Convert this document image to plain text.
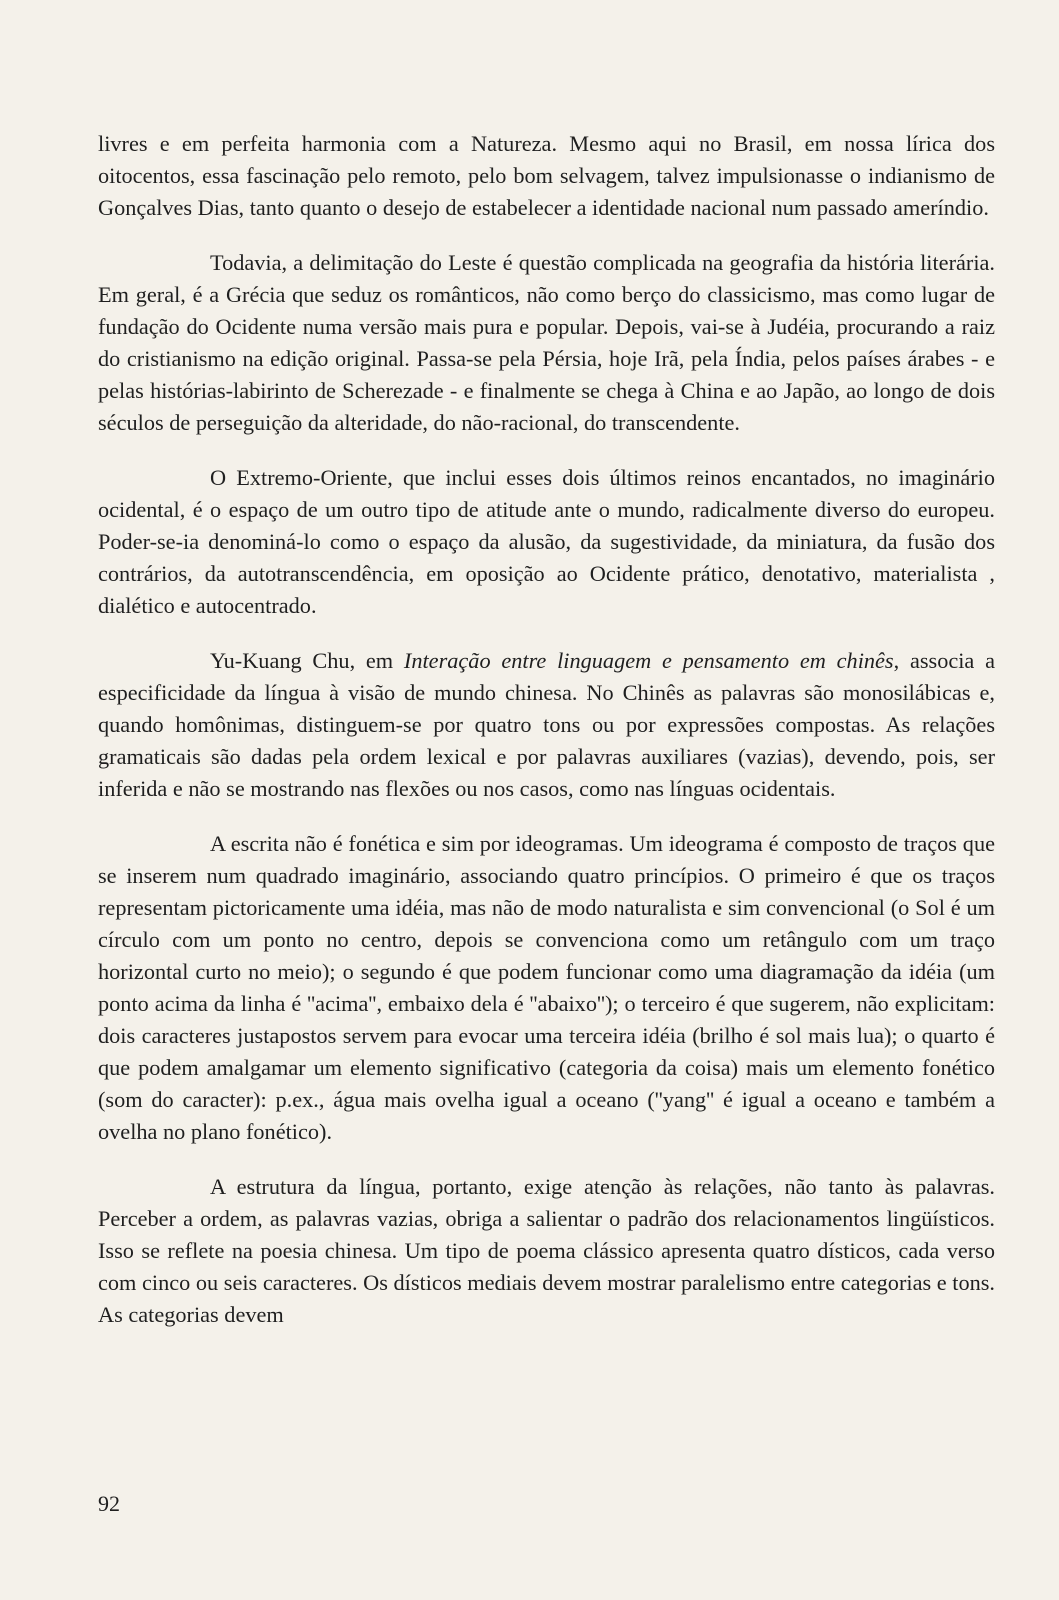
livres e em perfeita harmonia com a Natureza. Mesmo aqui no Brasil, em nossa lírica dos oitocentos, essa fascinação pelo remoto, pelo bom selvagem, talvez impulsionasse o indianismo de Gonçalves Dias, tanto quanto o desejo de estabelecer a identidade nacional num passado ameríndio.

Todavia, a delimitação do Leste é questão complicada na geografia da história literária. Em geral, é a Grécia que seduz os românticos, não como berço do classicismo, mas como lugar de fundação do Ocidente numa versão mais pura e popular. Depois, vai-se à Judéia, procurando a raiz do cristianismo na edição original. Passa-se pela Pérsia, hoje Irã, pela Índia, pelos países árabes - e pelas histórias-labirinto de Scherezade - e finalmente se chega à China e ao Japão, ao longo de dois séculos de perseguição da alteridade, do não-racional, do transcendente.

O Extremo-Oriente, que inclui esses dois últimos reinos encantados, no imaginário ocidental, é o espaço de um outro tipo de atitude ante o mundo, radicalmente diverso do europeu. Poder-se-ia denominá-lo como o espaço da alusão, da sugestividade, da miniatura, da fusão dos contrários, da autotranscendência, em oposição ao Ocidente prático, denotativo, materialista , dialético e autocentrado.

Yu-Kuang Chu, em Interação entre linguagem e pensamento em chinês, associa a especificidade da língua à visão de mundo chinesa. No Chinês as palavras são monosilábicas e, quando homônimas, distinguem-se por quatro tons ou por expressões compostas. As relações gramaticais são dadas pela ordem lexical e por palavras auxiliares (vazias), devendo, pois, ser inferida e não se mostrando nas flexões ou nos casos, como nas línguas ocidentais.

A escrita não é fonética e sim por ideogramas. Um ideograma é composto de traços que se inserem num quadrado imaginário, associando quatro princípios. O primeiro é que os traços representam pictoricamente uma idéia, mas não de modo naturalista e sim convencional (o Sol é um círculo com um ponto no centro, depois se convenciona como um retângulo com um traço horizontal curto no meio); o segundo é que podem funcionar como uma diagramação da idéia (um ponto acima da linha é ''acima'', embaixo dela é ''abaixo''); o terceiro é que sugerem, não explicitam: dois caracteres justapostos servem para evocar uma terceira idéia (brilho é sol mais lua); o quarto é que podem amalgamar um elemento significativo (categoria da coisa) mais um elemento fonético (som do caracter): p.ex., água mais ovelha igual a oceano (''yang'' é igual a oceano e também a ovelha no plano fonético).

A estrutura da língua, portanto, exige atenção às relações, não tanto às palavras. Perceber a ordem, as palavras vazias, obriga a salientar o padrão dos relacionamentos lingüísticos. Isso se reflete na poesia chinesa. Um tipo de poema clássico apresenta quatro dísticos, cada verso com cinco ou seis caracteres. Os dísticos mediais devem mostrar paralelismo entre categorias e tons. As categorias devem

92
